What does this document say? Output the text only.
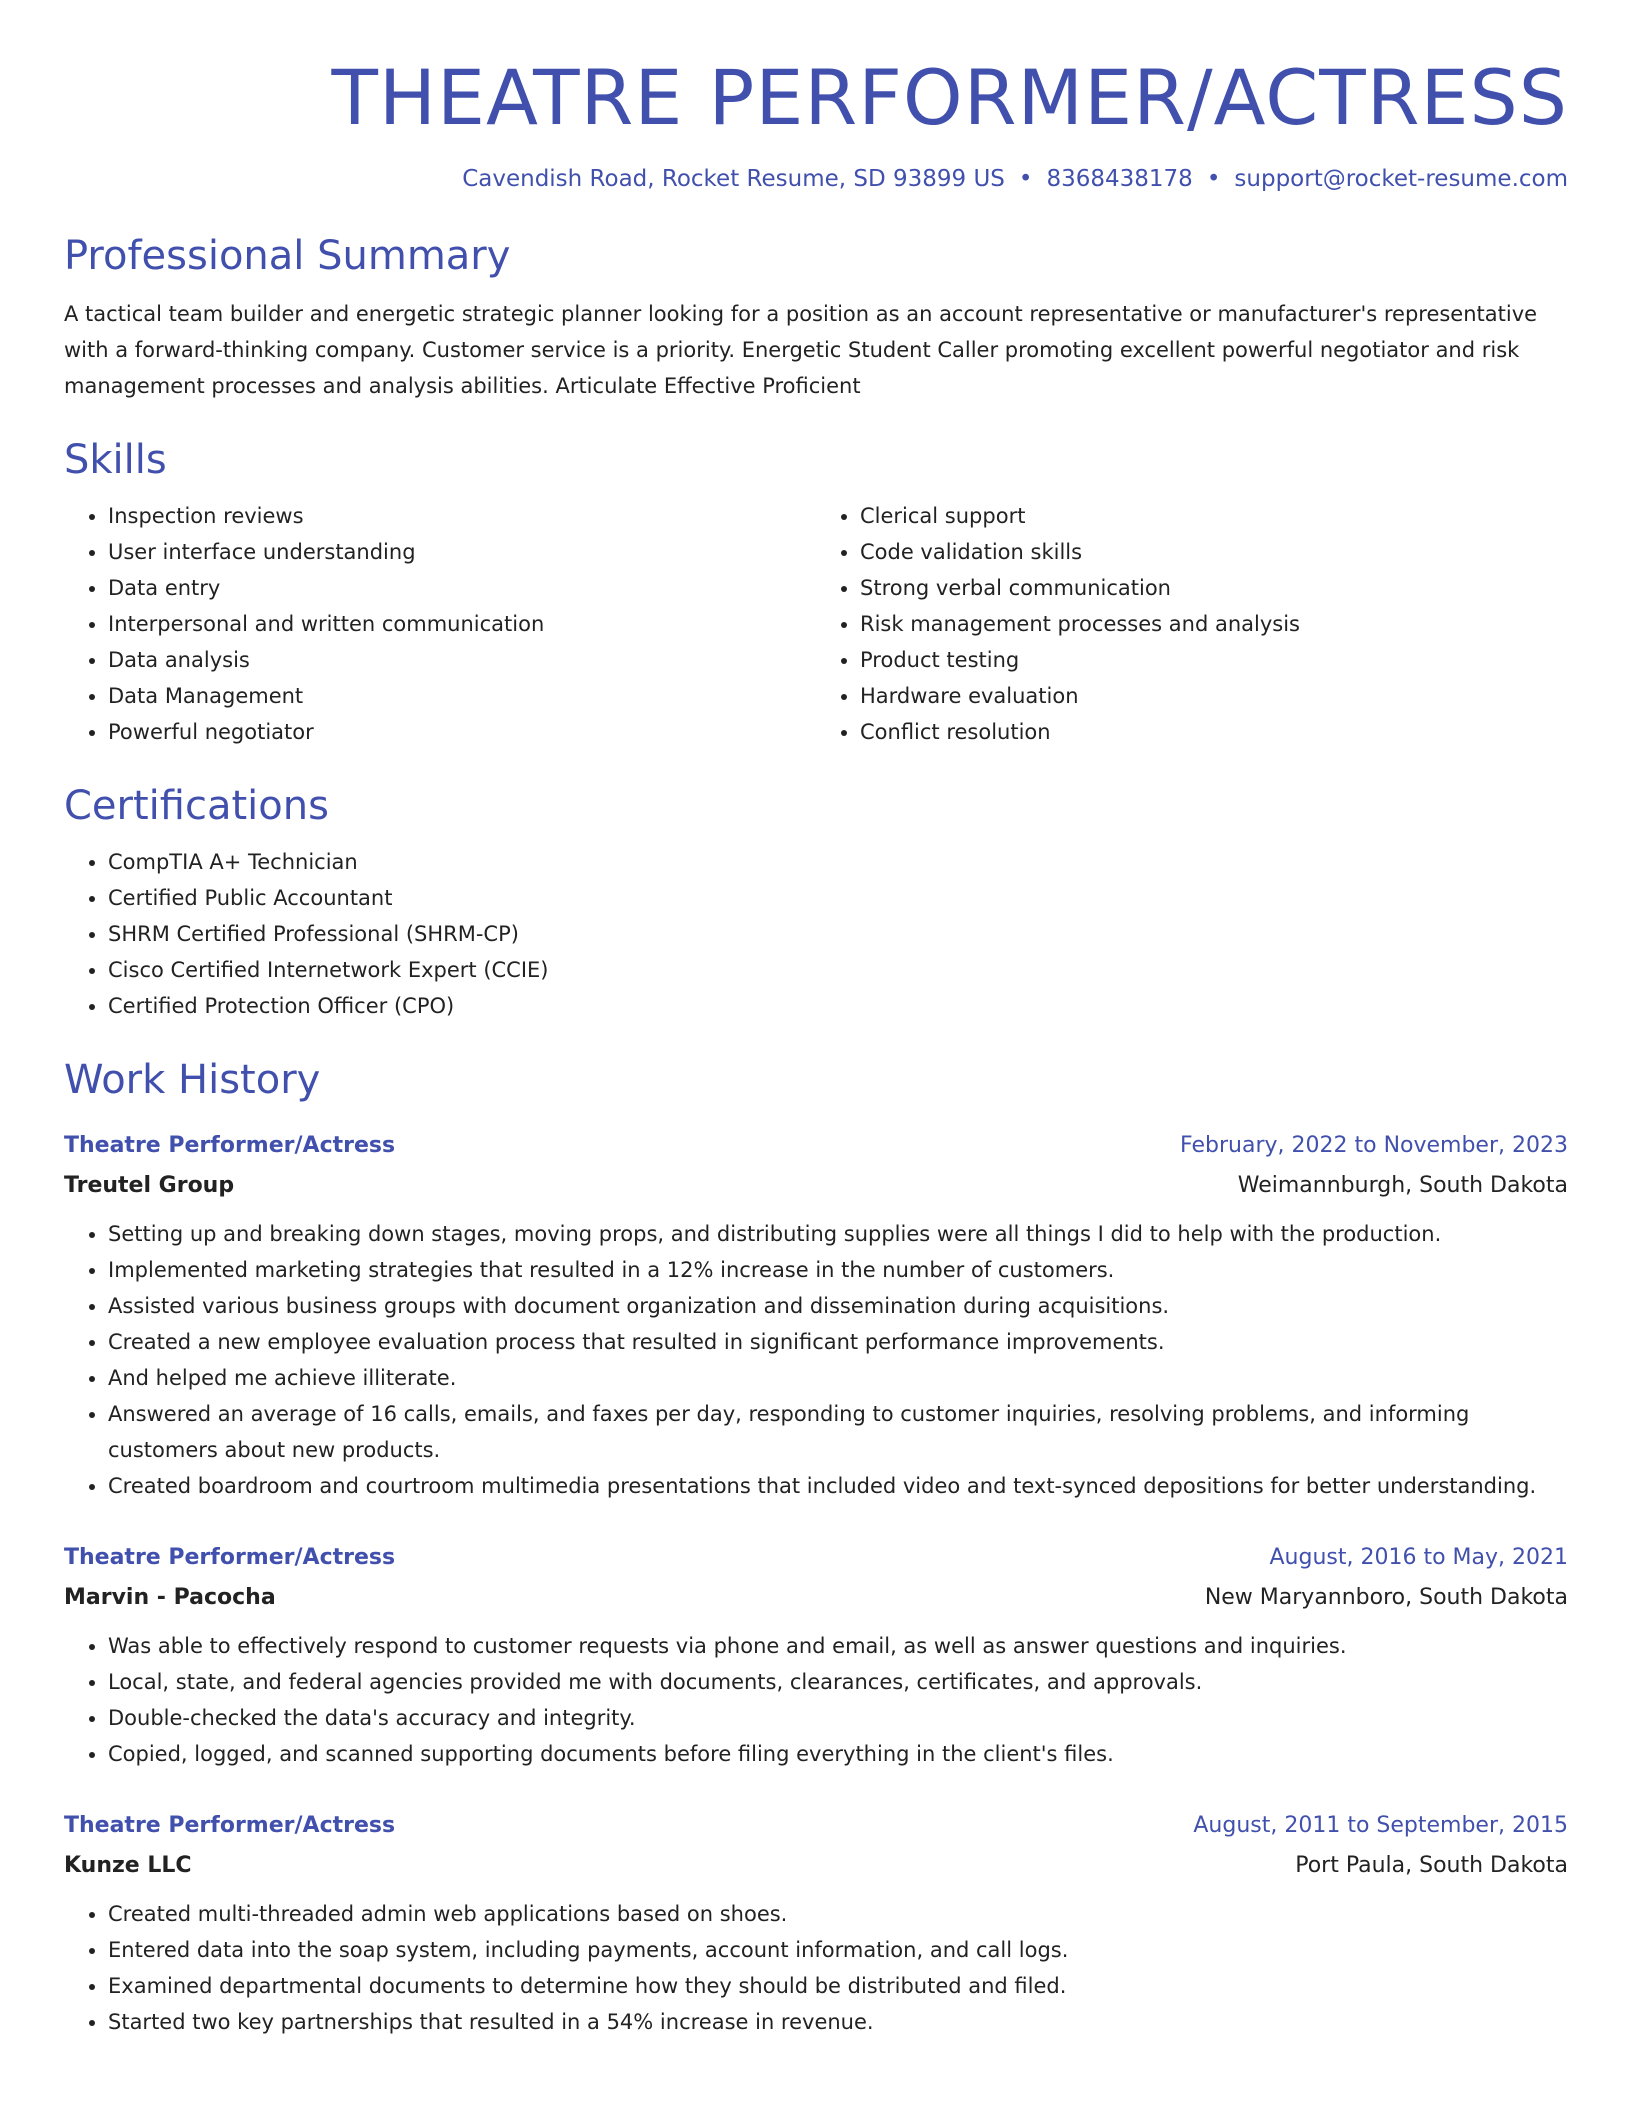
THEATRE PERFORMER/ACTRESS
Cavendish Road, Rocket Resume, SD 93899 US • 8368438178 • support@rocket-resume.com
Professional Summary
A tactical team builder and energetic strategic planner looking for a position as an account representative or manufacturer's representative with a forward-thinking company. Customer service is a priority. Energetic Student Caller promoting excellent powerful negotiator and risk management processes and analysis abilities. Articulate Effective Proficient
Skills
• Inspection reviews
• User interface understanding
• Data entry
• Interpersonal and written communication
• Data analysis
• Data Management
• Powerful negotiator
• Clerical support
• Code validation skills
• Strong verbal communication
• Risk management processes and analysis
• Product testing
• Hardware evaluation
• Conflict resolution
Certifications
• CompTIA A+ Technician
• Certified Public Accountant
• SHRM Certified Professional (SHRM-CP)
• Cisco Certified Internetwork Expert (CCIE)
• Certified Protection Officer (CPO)
Work History
Theatre Performer/Actress	February, 2022 to November, 2023
Treutel Group	Weimannburgh, South Dakota
• Setting up and breaking down stages, moving props, and distributing supplies were all things I did to help with the production.
• Implemented marketing strategies that resulted in a 12% increase in the number of customers.
• Assisted various business groups with document organization and dissemination during acquisitions.
• Created a new employee evaluation process that resulted in significant performance improvements.
• And helped me achieve illiterate.
• Answered an average of 16 calls, emails, and faxes per day, responding to customer inquiries, resolving problems, and informing customers about new products.
• Created boardroom and courtroom multimedia presentations that included video and text-synced depositions for better understanding.
Theatre Performer/Actress	August, 2016 to May, 2021
Marvin - Pacocha	New Maryannboro, South Dakota
• Was able to effectively respond to customer requests via phone and email, as well as answer questions and inquiries.
• Local, state, and federal agencies provided me with documents, clearances, certificates, and approvals.
• Double-checked the data's accuracy and integrity.
• Copied, logged, and scanned supporting documents before filing everything in the client's files.
Theatre Performer/Actress	August, 2011 to September, 2015
Kunze LLC	Port Paula, South Dakota
• Created multi-threaded admin web applications based on shoes.
• Entered data into the soap system, including payments, account information, and call logs.
• Examined departmental documents to determine how they should be distributed and filed.
• Started two key partnerships that resulted in a 54% increase in revenue.
